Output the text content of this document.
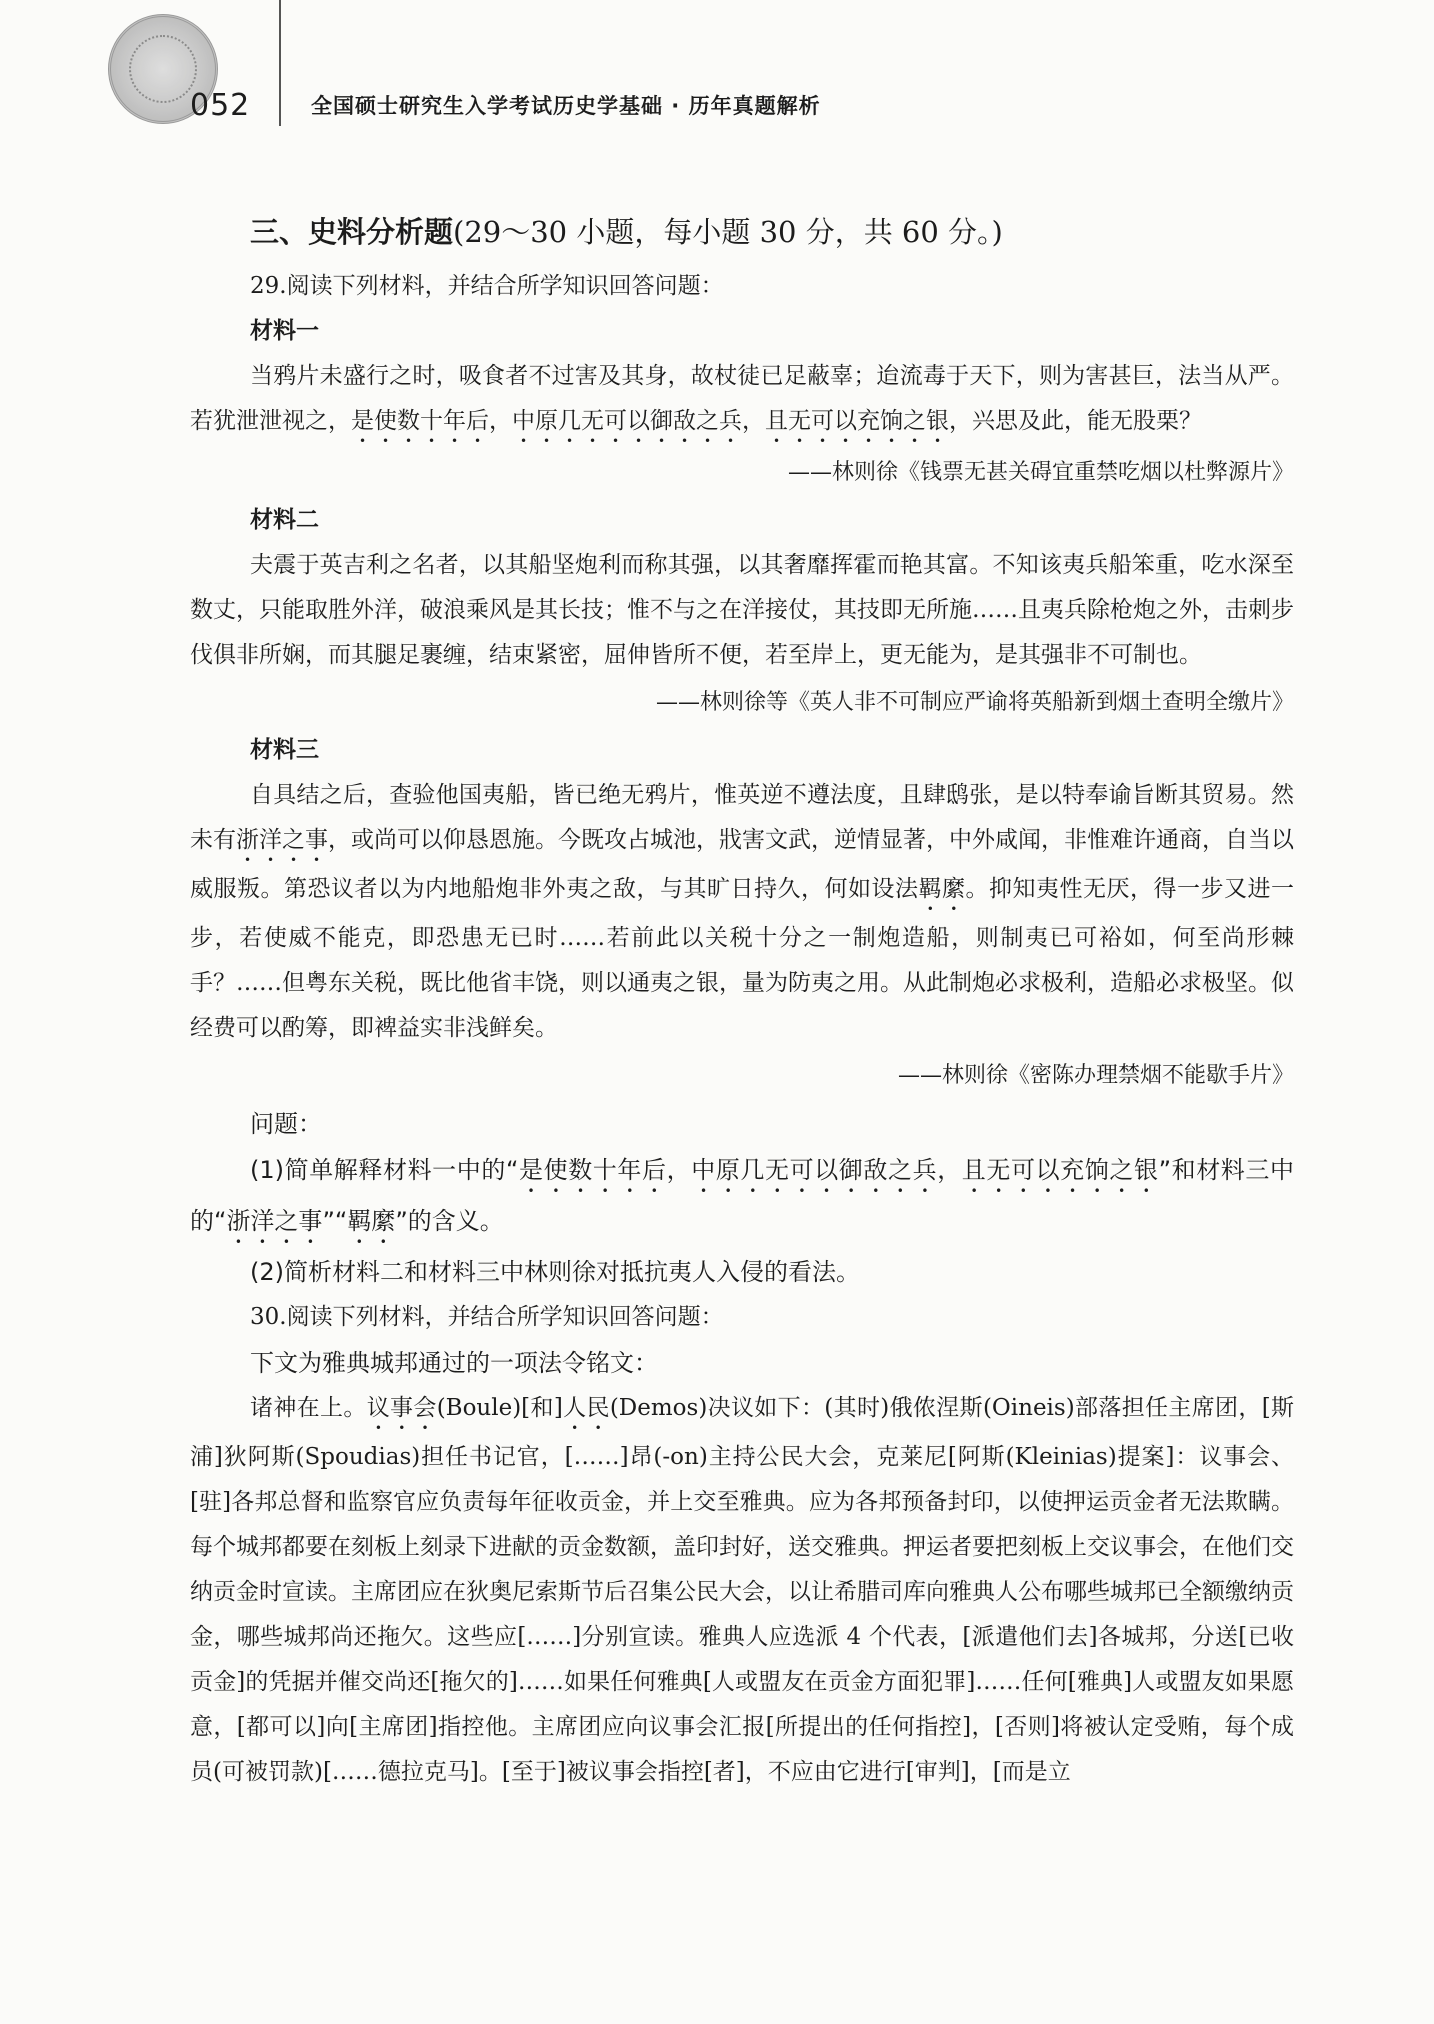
052	全国硕士研究生入学考试历史学基础 · 历年真题解析
三、史料分析题(29～30 小题，每小题 30 分，共 60 分。)

29.阅读下列材料，并结合所学知识回答问题：

材料一

当鸦片未盛行之时，吸食者不过害及其身，故杖徒已足蔽辜；迨流毒于天下，则为害甚巨，法当从严。若犹泄泄视之，是使数十年后，中原几无可以御敌之兵，且无可以充饷之银，兴思及此，能无股栗？

——林则徐《钱票无甚关碍宜重禁吃烟以杜弊源片》

材料二

夫震于英吉利之名者，以其船坚炮利而称其强，以其奢靡挥霍而艳其富。不知该夷兵船笨重，吃水深至数丈，只能取胜外洋，破浪乘风是其长技；惟不与之在洋接仗，其技即无所施……且夷兵除枪炮之外，击刺步伐俱非所娴，而其腿足裹缠，结束紧密，屈伸皆所不便，若至岸上，更无能为，是其强非不可制也。

——林则徐等《英人非不可制应严谕将英船新到烟土查明全缴片》

材料三

自具结之后，查验他国夷船，皆已绝无鸦片，惟英逆不遵法度，且肆鸱张，是以特奉谕旨断其贸易。然未有浙洋之事，或尚可以仰恳恩施。今既攻占城池，戕害文武，逆情显著，中外咸闻，非惟难许通商，自当以威服叛。第恐议者以为内地船炮非外夷之敌，与其旷日持久，何如设法羁縻。抑知夷性无厌，得一步又进一步，若使威不能克，即恐患无已时……若前此以关税十分之一制炮造船，则制夷已可裕如，何至尚形棘手？……但粤东关税，既比他省丰饶，则以通夷之银，量为防夷之用。从此制炮必求极利，造船必求极坚。似经费可以酌筹，即裨益实非浅鲜矣。

——林则徐《密陈办理禁烟不能歇手片》

问题：

(1)简单解释材料一中的“是使数十年后，中原几无可以御敌之兵，且无可以充饷之银”和材料三中的“浙洋之事”“羁縻”的含义。

(2)简析材料二和材料三中林则徐对抵抗夷人入侵的看法。

30.阅读下列材料，并结合所学知识回答问题：

下文为雅典城邦通过的一项法令铭文：

诸神在上。议事会(Boule)[和]人民(Demos)决议如下：(其时)俄侬涅斯(Oineis)部落担任主席团，[斯浦]狄阿斯(Spoudias)担任书记官，[……]昂(-on)主持公民大会，克莱尼[阿斯(Kleinias)提案]：议事会、[驻]各邦总督和监察官应负责每年征收贡金，并上交至雅典。应为各邦预备封印，以使押运贡金者无法欺瞒。每个城邦都要在刻板上刻录下进献的贡金数额，盖印封好，送交雅典。押运者要把刻板上交议事会，在他们交纳贡金时宣读。主席团应在狄奥尼索斯节后召集公民大会，以让希腊司库向雅典人公布哪些城邦已全额缴纳贡金，哪些城邦尚还拖欠。这些应[……]分别宣读。雅典人应选派 4 个代表，[派遣他们去]各城邦，分送[已收贡金]的凭据并催交尚还[拖欠的]……如果任何雅典[人或盟友在贡金方面犯罪]……任何[雅典]人或盟友如果愿意，[都可以]向[主席团]指控他。主席团应向议事会汇报[所提出的任何指控]，[否则]将被认定受贿，每个成员(可被罚款)[……德拉克马]。[至于]被议事会指控[者]，不应由它进行[审判]，[而是立
